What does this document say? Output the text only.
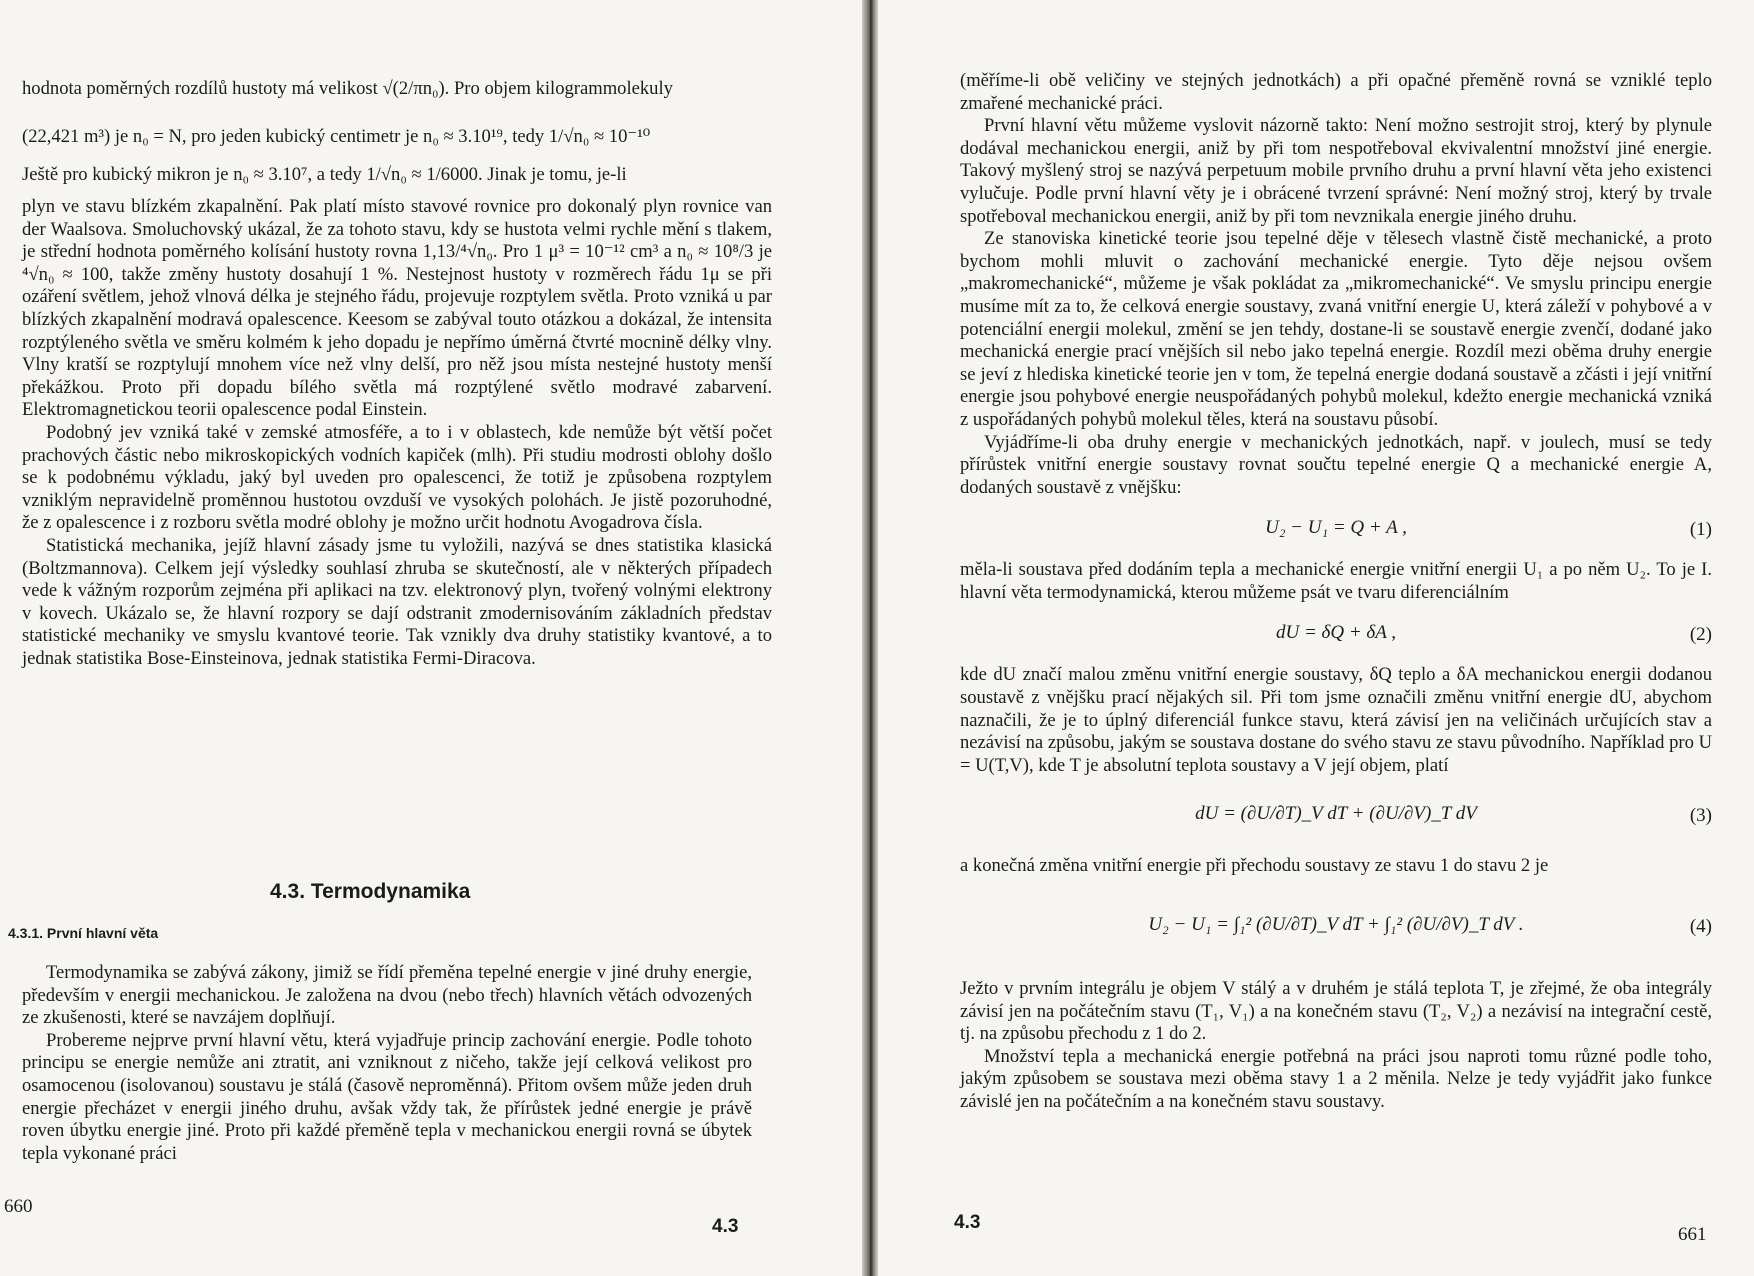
hodnota poměrných rozdílů hustoty má velikost √(2/πn₀). Pro objem kilogrammolekuly
(22,421 m³) je n₀ = N, pro jeden kubický centimetr je n₀ ≈ 3.10¹⁹, tedy 1/√n₀ ≈ 10⁻¹⁰
Ještě pro kubický mikron je n₀ ≈ 3.10⁷, a tedy 1/√n₀ ≈ 1/6000. Jinak je tomu, je-li

plyn ve stavu blízkém zkapalnění. Pak platí místo stavové rovnice pro dokonalý plyn rovnice van der Waalsova. Smoluchovský ukázal, že za tohoto stavu, kdy se hustota velmi rychle mění s tlakem, je střední hodnota poměrného kolísání hustoty rovna 1,13/⁴√n₀. Pro 1 μ³ = 10⁻¹² cm³ a n₀ ≈ 10⁸/3 je ⁴√n₀ ≈ 100, takže změny hustoty dosahují 1 %. Nestejnost hustoty v rozměrech řádu 1μ se při ozáření světlem, jehož vlnová délka je stejného řádu, projevuje rozptylem světla. Proto vzniká u par blízkých zkapalnění modravá opalescence. Keesom se zabýval touto otázkou a dokázal, že intensita rozptýleného světla ve směru kolmém k jeho dopadu je nepřímo úměrná čtvrté mocnině délky vlny. Vlny kratší se rozptylují mnohem více než vlny delší, pro něž jsou místa nestejné hustoty menší překážkou. Proto při dopadu bílého světla má rozptýlené světlo modravé zabarvení. Elektromagnetickou teorii opalescence podal Einstein.

Podobný jev vzniká také v zemské atmosféře, a to i v oblastech, kde nemůže být větší počet prachových částic nebo mikroskopických vodních kapiček (mlh). Při studiu modrosti oblohy došlo se k podobnému výkladu, jaký byl uveden pro opalescenci, že totiž je způsobena rozptylem vzniklým nepravidelně proměnnou hustotou ovzduší ve vysokých polohách. Je jistě pozoruhodné, že z opalescence i z rozboru světla modré oblohy je možno určit hodnotu Avogadrova čísla.

Statistická mechanika, jejíž hlavní zásady jsme tu vyložili, nazývá se dnes statistika klasická (Boltzmannova). Celkem její výsledky souhlasí zhruba se skutečností, ale v některých případech vede k vážným rozporům zejména při aplikaci na tzv. elektronový plyn, tvořený volnými elektrony v kovech. Ukázalo se, že hlavní rozpory se dají odstranit zmodernisováním základních představ statistické mechaniky ve smyslu kvantové teorie. Tak vznikly dva druhy statistiky kvantové, a to jednak statistika Bose-Einsteinova, jednak statistika Fermi-Diracova.

4.3. Termodynamika
4.3.1. První hlavní věta

Termodynamika se zabývá zákony, jimiž se řídí přeměna tepelné energie v jiné druhy energie, především v energii mechanickou. Je založena na dvou (nebo třech) hlavních větách odvozených ze zkušenosti, které se navzájem doplňují.

Probereme nejprve první hlavní větu, která vyjadřuje princip zachování energie. Podle tohoto principu se energie nemůže ani ztratit, ani vzniknout z ničeho, takže její celková velikost pro osamocenou (isolovanou) soustavu je stálá (časově neproměnná). Přitom ovšem může jeden druh energie přecházet v energii jiného druhu, avšak vždy tak, že přírůstek jedné energie je právě roven úbytku energie jiné. Proto při každé přeměně tepla v mechanickou energii rovná se úbytek tepla vykonané práci

660
4.3

(měříme-li obě veličiny ve stejných jednotkách) a při opačné přeměně rovná se vzniklé teplo zmařené mechanické práci.

První hlavní větu můžeme vyslovit názorně takto: Není možno sestrojit stroj, který by plynule dodával mechanickou energii, aniž by při tom nespotřeboval ekvivalentní množství jiné energie. Takový myšlený stroj se nazývá perpetuum mobile prvního druhu a první hlavní věta jeho existenci vylučuje. Podle první hlavní věty je i obrácené tvrzení správné: Není možný stroj, který by trvale spotřeboval mechanickou energii, aniž by při tom nevznikala energie jiného druhu.

Ze stanoviska kinetické teorie jsou tepelné děje v tělesech vlastně čistě mechanické, a proto bychom mohli mluvit o zachování mechanické energie. Tyto děje nejsou ovšem „makromechanické“, můžeme je však pokládat za „mikromechanické“. Ve smyslu principu energie musíme mít za to, že celková energie soustavy, zvaná vnitřní energie U, která záleží v pohybové a v potenciální energii molekul, změní se jen tehdy, dostane-li se soustavě energie zvenčí, dodané jako mechanická energie prací vnějších sil nebo jako tepelná energie. Rozdíl mezi oběma druhy energie se jeví z hlediska kinetické teorie jen v tom, že tepelná energie dodaná soustavě a zčásti i její vnitřní energie jsou pohybové energie neuspořádaných pohybů molekul, kdežto energie mechanická vzniká z uspořádaných pohybů molekul těles, která na soustavu působí.

Vyjádříme-li oba druhy energie v mechanických jednotkách, např. v joulech, musí se tedy přírůstek vnitřní energie soustavy rovnat součtu tepelné energie Q a mechanické energie A, dodaných soustavě z vnějšku:

U₂ − U₁ = Q + A ,	(1)

měla-li soustava před dodáním tepla a mechanické energie vnitřní energii U₁ a po něm U₂. To je I. hlavní věta termodynamická, kterou můžeme psát ve tvaru diferenciálním

dU = δQ + δA ,	(2)

kde dU značí malou změnu vnitřní energie soustavy, δQ teplo a δA mechanickou energii dodanou soustavě z vnějšku prací nějakých sil. Při tom jsme označili změnu vnitřní energie dU, abychom naznačili, že je to úplný diferenciál funkce stavu, která závisí jen na veličinách určujících stav a nezávisí na způsobu, jakým se soustava dostane do svého stavu ze stavu původního. Například pro U = U(T,V), kde T je absolutní teplota soustavy a V její objem, platí

dU = (∂U/∂T)_V dT + (∂U/∂V)_T dV	(3)

a konečná změna vnitřní energie při přechodu soustavy ze stavu 1 do stavu 2 je

U₂ − U₁ = ∫₁² (∂U/∂T)_V dT + ∫₁² (∂U/∂V)_T dV .	(4)

Ježto v prvním integrálu je objem V stálý a v druhém je stálá teplota T, je zřejmé, že oba integrály závisí jen na počátečním stavu (T₁, V₁) a na konečném stavu (T₂, V₂) a nezávisí na integrační cestě, tj. na způsobu přechodu z 1 do 2.

Množství tepla a mechanická energie potřebná na práci jsou naproti tomu různé podle toho, jakým způsobem se soustava mezi oběma stavy 1 a 2 měnila. Nelze je tedy vyjádřit jako funkce závislé jen na počátečním a na konečném stavu soustavy.

4.3
661
